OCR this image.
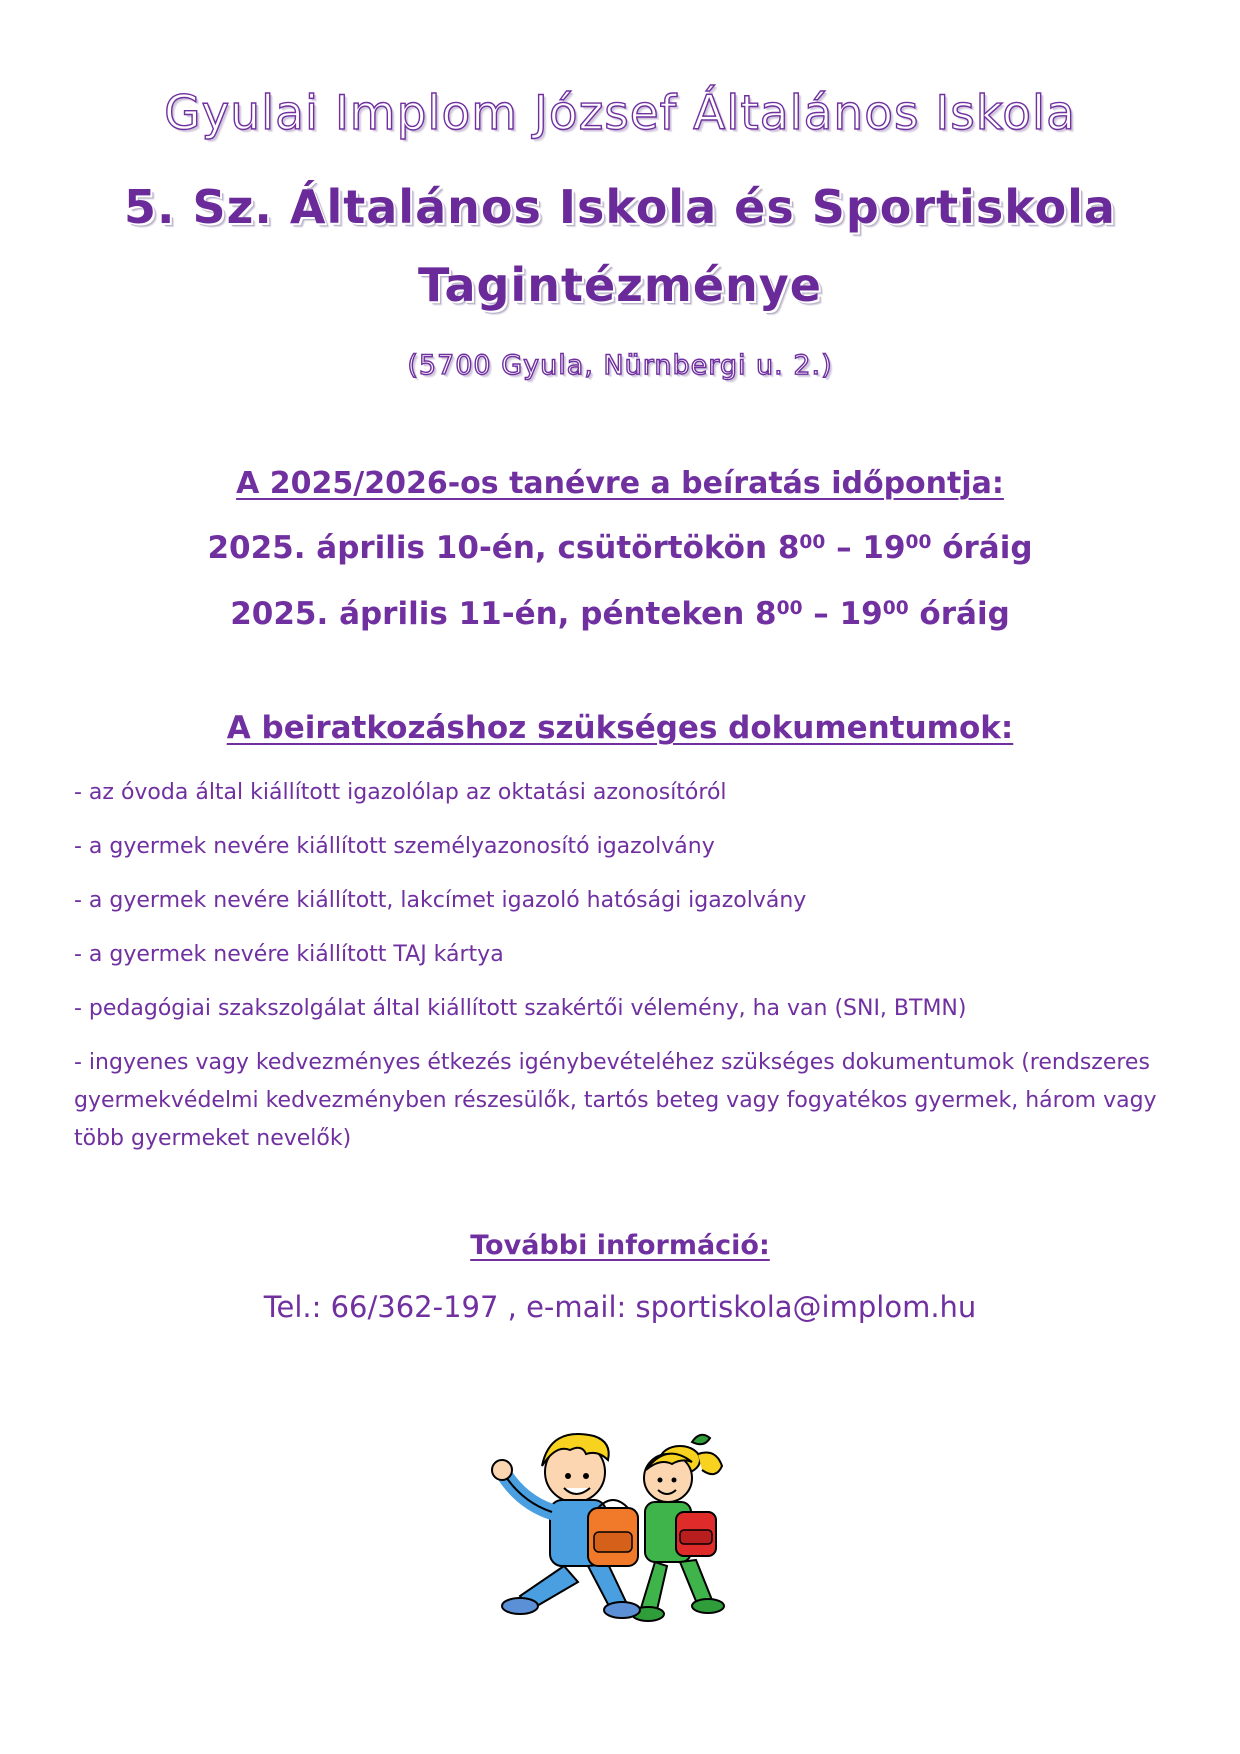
Gyulai Implom József Általános Iskola
5. Sz. Általános Iskola és Sportiskola
Tagintézménye
(5700 Gyula, Nürnbergi u. 2.)
A 2025/2026-os tanévre a beíratás időpontja:
2025. április 10-én, csütörtökön $8^{00} - 19^{00}$ óráig
2025. április 11-én, pénteken $8^{00} - 19^{00}$ óráig
A beiratkozáshoz szükséges dokumentumok:
- az óvoda által kiállított igazolólap az oktatási azonosítóról
- a gyermek nevére kiállított személyazonosító igazolvány
- a gyermek nevére kiállított, lakcímet igazoló hatósági igazolvány
- a gyermek nevére kiállított TAJ kártya
- pedagógiai szakszolgálat által kiállított szakértői vélemény, ha van (SNI, BTMN)
- ingyenes vagy kedvezményes étkezés igénybevételéhez szükséges dokumentumok (rendszeres gyermekvédelmi kedvezményben részesülők, tartós beteg vagy fogyatékos gyermek, három vagy több gyermeket nevelők)
További információ:
Tel.: 66/362-197 , e-mail: sportiskola@implom.hu
